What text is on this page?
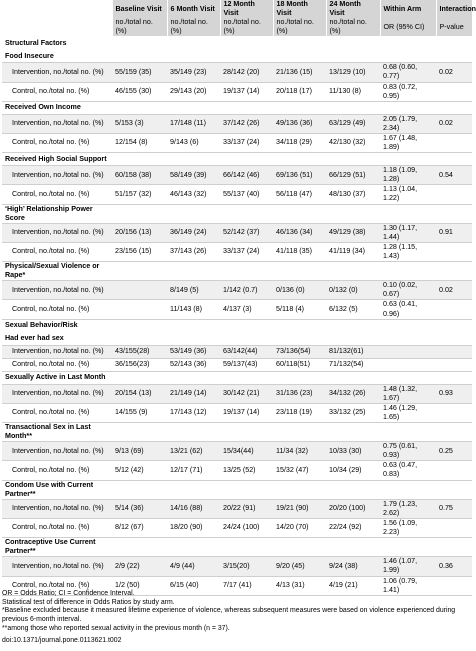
	Baseline Visit	6 Month Visit	12 Month Visit	18 Month Visit	24 Month Visit	Within Arm	Interaction
	no./total no. (%)	no./total no. (%)	no./total no. (%)	no./total no. (%)	no./total no. (%)	OR (95% CI)	P-value
Structural Factors							
Food Insecure							
Intervention, no./total no. (%)	55/159 (35)	35/149 (23)	28/142 (20)	21/136 (15)	13/129 (10)	0.68 (0.60, 0.77)	0.02
Control, no./total no. (%)	46/155 (30)	29/143 (20)	19/137 (14)	20/118 (17)	11/130 (8)	0.83 (0.72, 0.95)	
Received Own Income							
Intervention, no./total no. (%)	5/153 (3)	17/148 (11)	37/142 (26)	49/136 (36)	63/129 (49)	2.05 (1.79, 2.34)	0.02
Control, no./total no. (%)	12/154 (8)	9/143 (6)	33/137 (24)	34/118 (29)	42/130 (32)	1.67 (1.48, 1.89)	
Received High Social Support							
Intervention, no./total no. (%)	60/158 (38)	58/149 (39)	66/142 (46)	69/136 (51)	66/129 (51)	1.18 (1.09, 1.28)	0.54
Control, no./total no. (%)	51/157 (32)	46/143 (32)	55/137 (40)	56/118 (47)	48/130 (37)	1.13 (1.04, 1.22)	
‘High’ Relationship Power Score							
Intervention, no./total no. (%)	20/156 (13)	36/149 (24)	52/142 (37)	46/136 (34)	49/129 (38)	1.30 (1.17, 1.44)	0.91
Control, no./total no. (%)	23/156 (15)	37/143 (26)	33/137 (24)	41/118 (35)	41/119 (34)	1.28 (1.15, 1.43)	
Physical/Sexual Violence or Rape*							
Intervention, no./total no. (%)		8/149 (5)	1/142 (0.7)	0/136 (0)	0/132 (0)	0.10 (0.02, 0.67)	0.02
Control, no./total no. (%)		11/143 (8)	4/137 (3)	5/118 (4)	6/132 (5)	0.63 (0.41, 0.96)	
Sexual Behavior/Risk							
Had ever had sex							
Intervention, no./total no. (%)	43/155(28)	53/149 (36)	63/142(44)	73/136(54)	81/132(61)		
Control, no./total no. (%)	36/156(23)	52/143 (36)	59/137(43)	60/118(51)	71/132(54)		
Sexually Active in Last Month							
Intervention, no./total no. (%)	20/154 (13)	21/149 (14)	30/142 (21)	31/136 (23)	34/132 (26)	1.48 (1.32, 1.67)	0.93
Control, no./total no. (%)	14/155 (9)	17/143 (12)	19/137 (14)	23/118 (19)	33/132 (25)	1.46 (1.29, 1.65)	
Transactional Sex in Last Month**							
Intervention, no./total no. (%)	9/13 (69)	13/21 (62)	15/34(44)	11/34 (32)	10/33 (30)	0.75 (0.61, 0.93)	0.25
Control, no./total no. (%)	5/12 (42)	12/17 (71)	13/25 (52)	15/32 (47)	10/34 (29)	0.63 (0.47, 0.83)	
Condom Use with Current Partner**							
Intervention, no./total no. (%)	5/14 (36)	14/16 (88)	20/22 (91)	19/21 (90)	20/20 (100)	1.79 (1.23, 2.62)	0.75
Control, no./total no. (%)	8/12 (67)	18/20 (90)	24/24 (100)	14/20 (70)	22/24 (92)	1.56 (1.09, 2.23)	
Contraceptive Use Current Partner**							
Intervention, no./total no. (%)	2/9 (22)	4/9 (44)	3/15(20)	9/20 (45)	9/24 (38)	1.46 (1.07, 1.99)	0.36
Control, no./total no. (%)	1/2 (50)	6/15 (40)	7/17 (41)	4/13 (31)	4/19 (21)	1.06 (0.79, 1.41)	
OR = Odds Ratio; CI = Confidence Interval.
Statistical test of difference in Odds Ratios by study arm.
*Baseline excluded because it measured lifetime experience of violence, whereas subsequent measures were based on violence experienced during previous 6-month interval.
**among those who reported sexual activity in the previous month (n = 37).
doi:10.1371/journal.pone.0113621.t002
